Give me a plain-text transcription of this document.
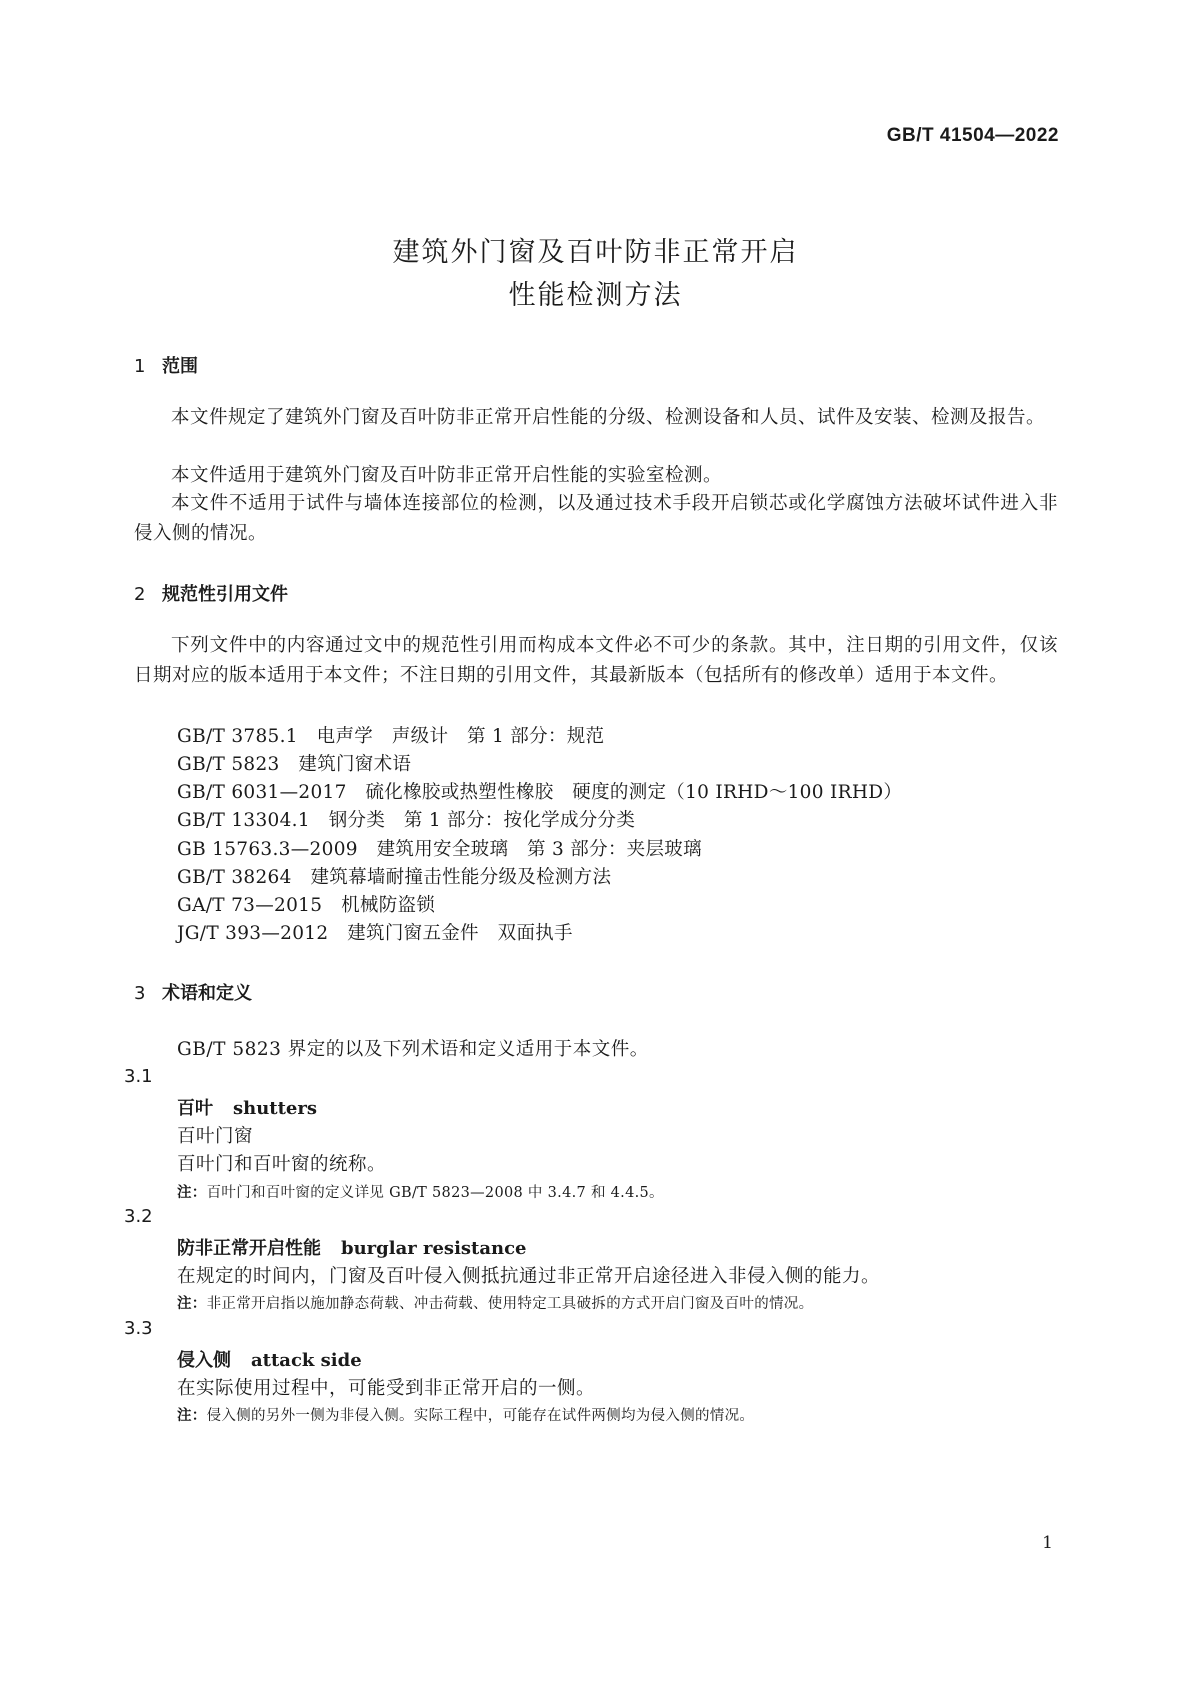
GB/T 41504—2022
建筑外门窗及百叶防非正常开启
性能检测方法
1 范围

本文件规定了建筑外门窗及百叶防非正常开启性能的分级、检测设备和人员、试件及安装、检测及报告。

本文件适用于建筑外门窗及百叶防非正常开启性能的实验室检测。

本文件不适用于试件与墙体连接部位的检测，以及通过技术手段开启锁芯或化学腐蚀方法破坏试件进入非侵入侧的情况。

2 规范性引用文件

下列文件中的内容通过文中的规范性引用而构成本文件必不可少的条款。其中，注日期的引用文件，仅该日期对应的版本适用于本文件；不注日期的引用文件，其最新版本（包括所有的修改单）适用于本文件。

GB/T 3785.1　电声学　声级计　第 1 部分：规范

GB/T 5823　建筑门窗术语

GB/T 6031—2017　硫化橡胶或热塑性橡胶　硬度的测定（10 IRHD～100 IRHD）

GB/T 13304.1　钢分类　第 1 部分：按化学成分分类

GB 15763.3—2009　建筑用安全玻璃　第 3 部分：夹层玻璃

GB/T 38264　建筑幕墙耐撞击性能分级及检测方法

GA/T 73—2015　机械防盗锁

JG/T 393—2012　建筑门窗五金件　双面执手

3 术语和定义

GB/T 5823 界定的以及下列术语和定义适用于本文件。

3.1

百叶 shutters

百叶门窗

百叶门和百叶窗的统称。

注：百叶门和百叶窗的定义详见 GB/T 5823—2008 中 3.4.7 和 4.4.5。

3.2

防非正常开启性能 burglar resistance

在规定的时间内，门窗及百叶侵入侧抵抗通过非正常开启途径进入非侵入侧的能力。

注：非正常开启指以施加静态荷载、冲击荷载、使用特定工具破拆的方式开启门窗及百叶的情况。

3.3

侵入侧 attack side

在实际使用过程中，可能受到非正常开启的一侧。

注：侵入侧的另外一侧为非侵入侧。实际工程中，可能存在试件两侧均为侵入侧的情况。

1
